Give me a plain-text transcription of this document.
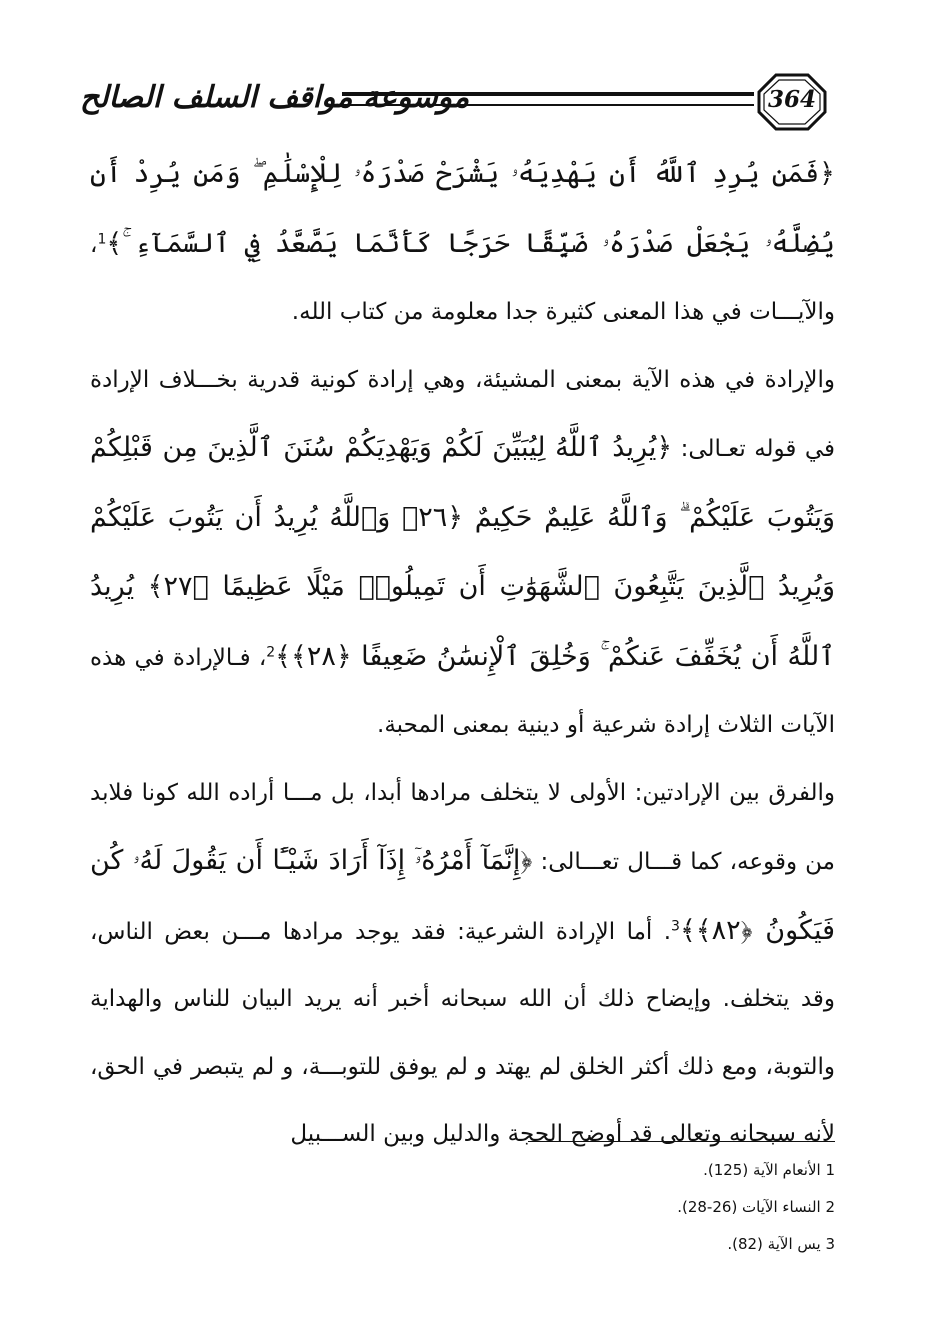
موسوعة مواقف السلف الصالح	364

﴿فَمَن يُرِدِ ٱللَّهُ أَن يَهْدِيَهُۥ يَشْرَحْ صَدْرَهُۥ لِلْإِسْلَٰمِ ۖ وَمَن يُرِدْ أَن يُضِلَّهُۥ يَجْعَلْ صَدْرَهُۥ ضَيِّقًا حَرَجًا كَأَنَّمَا يَصَّعَّدُ فِي ٱلسَّمَآءِ ۚ﴾$^1$، والآيـــات في هذا المعنى كثيرة جدا معلومة من كتاب الله.

والإرادة في هذه الآية بمعنى المشيئة، وهي إرادة كونية قدرية بخـــلاف الإرادة في قوله تعـالى: ﴿يُرِيدُ ٱللَّهُ لِيُبَيِّنَ لَكُمْ وَيَهْدِيَكُمْ سُنَنَ ٱلَّذِينَ مِن قَبْلِكُمْ وَيَتُوبَ عَلَيْكُمْ ۗ وَٱللَّهُ عَلِيمٌ حَكِيمٌ ﴿٢٦﴾ وَٱللَّهُ يُرِيدُ أَن يَتُوبَ عَلَيْكُمْ وَيُرِيدُ ٱلَّذِينَ يَتَّبِعُونَ ٱلشَّهَوَٰتِ أَن تَمِيلُوا۟ مَيْلًا عَظِيمًا ﴿٢٧﴾ يُرِيدُ ٱللَّهُ أَن يُخَفِّفَ عَنكُمْ ۚ وَخُلِقَ ٱلْإِنسَٰنُ ضَعِيفًا ﴿٢٨﴾﴾$^2$، فـالإرادة في هذه الآيات الثلاث إرادة شرعية أو دينية بمعنى المحبة.

والفرق بين الإرادتين: الأولى لا يتخلف مرادها أبدا، بل مـــا أراده الله كونا فلابد من وقوعه، كما قـــال تعـــالى: ﴿إِنَّمَآ أَمْرُهُۥٓ إِذَآ أَرَادَ شَيْـًٔا أَن يَقُولَ لَهُۥ كُن فَيَكُونُ ﴿٨٢﴾﴾$^3$. أما الإرادة الشرعية: فقد يوجد مرادها مـــن بعض الناس، وقد يتخلف. وإيضاح ذلك أن الله سبحانه أخبر أنه يريد البيان للناس والهداية والتوبة، ومع ذلك أكثر الخلق لم يهتد و لم يوفق للتوبـــة، و لم يتبصر في الحق، لأنه سبحانه وتعالى قد أوضح الحجة والدليل وبين الســـبيل

1 الأنعام الآية (125).
2 النساء الآيات (26-28).
3 يس الآية (82).
